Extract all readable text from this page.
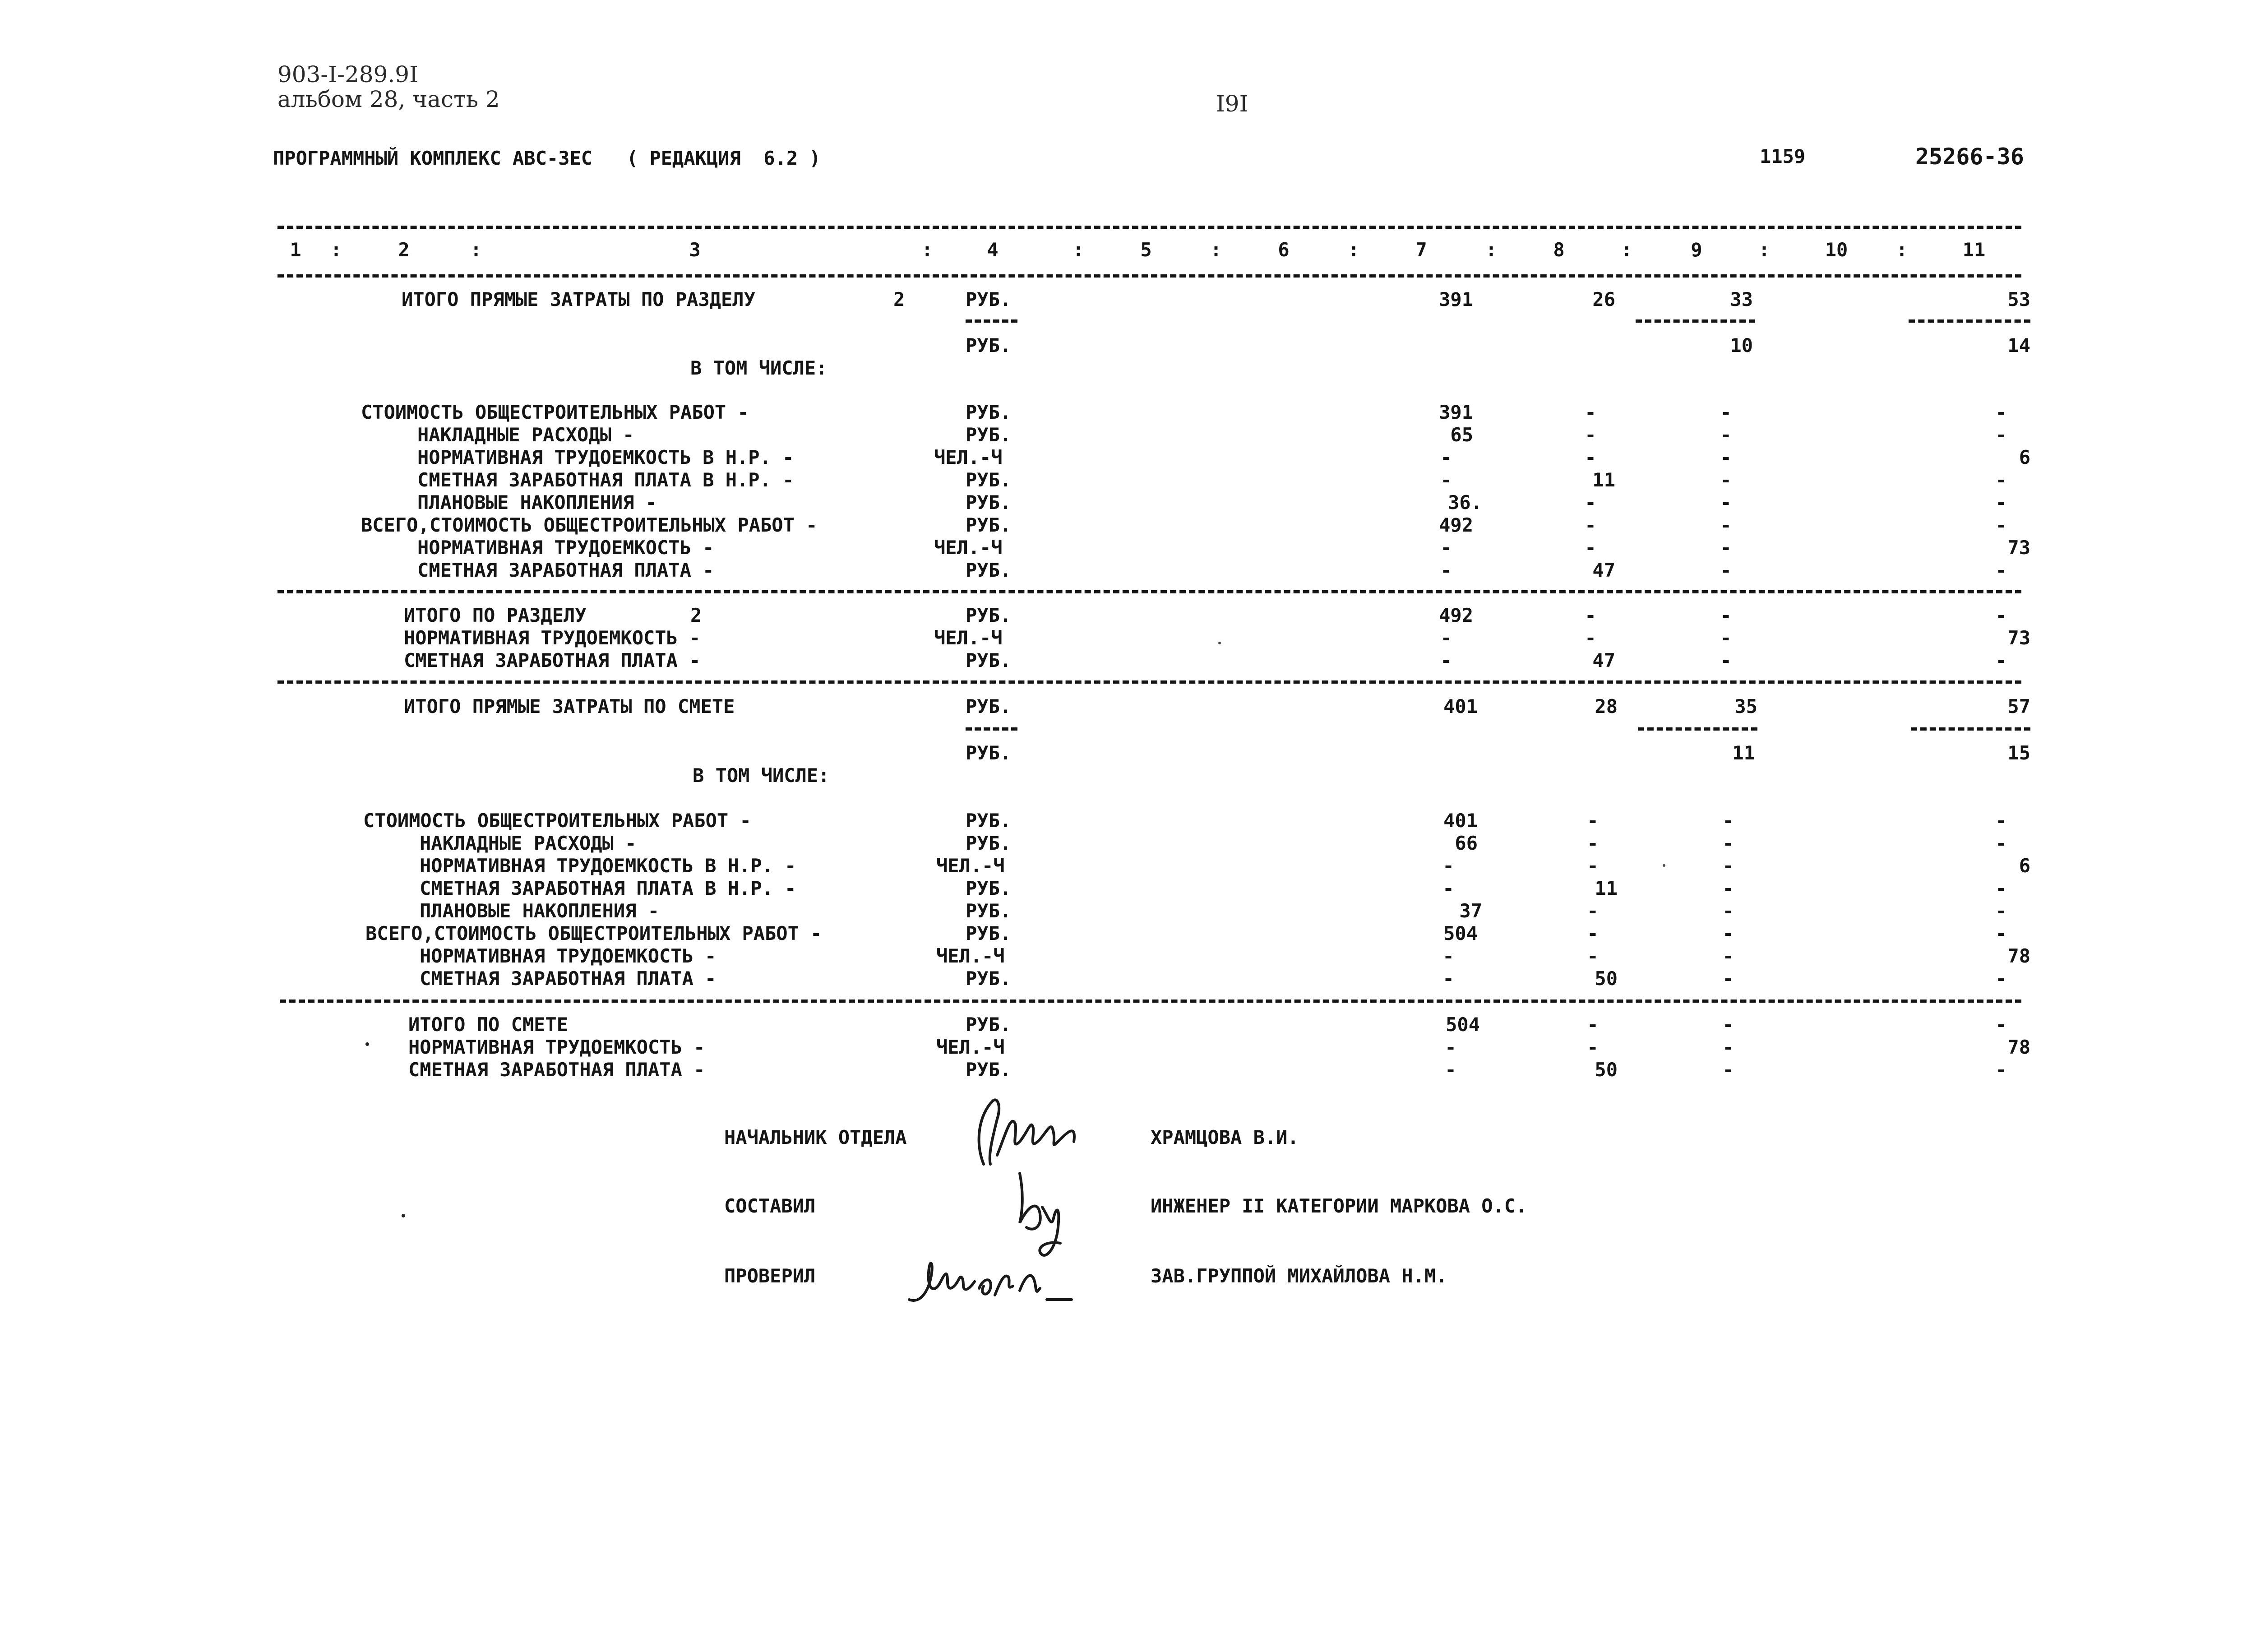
903-I-289.9I
альбом 28, часть 2	I9I
ПРОГРАММНЫЙ КОМПЛЕКС АВС-ЗЕС   ( РЕДАКЦИЯ  6.2 )	1159	25266-36
1	2	3	4	5	6	7	8	9	10	11
:	:	:	:	:	:	:	:	:	:
ИТОГО ПРЯМЫЕ ЗАТРАТЫ ПО РАЗДЕЛУ	2	РУБ.	391	26	33	53
РУБ.	10	14
В ТОМ ЧИСЛЕ:
СТОИМОСТЬ ОБЩЕСТРОИТЕЛЬНЫХ РАБОТ -	РУБ.	391	-	-	-
НАКЛАДНЫЕ РАСХОДЫ -	РУБ.	65	-	-	-
НОРМАТИВНАЯ ТРУДОЕМКОСТЬ В Н.Р. -	ЧЕЛ.-Ч	-	-	-	6
СМЕТНАЯ ЗАРАБОТНАЯ ПЛАТА В Н.Р. -	РУБ.	-	11	-	-
ПЛАНОВЫЕ НАКОПЛЕНИЯ -	РУБ.	36.	-	-	-
ВСЕГО,СТОИМОСТЬ ОБЩЕСТРОИТЕЛЬНЫХ РАБОТ -	РУБ.	492	-	-	-
НОРМАТИВНАЯ ТРУДОЕМКОСТЬ -	ЧЕЛ.-Ч	-	-	-	73
СМЕТНАЯ ЗАРАБОТНАЯ ПЛАТА -	РУБ.	-	47	-	-
ИТОГО ПО РАЗДЕЛУ	2	РУБ.	492	-	-	-
НОРМАТИВНАЯ ТРУДОЕМКОСТЬ -	ЧЕЛ.-Ч	-	-	-	73
СМЕТНАЯ ЗАРАБОТНАЯ ПЛАТА -	РУБ.	-	47	-	-
ИТОГО ПРЯМЫЕ ЗАТРАТЫ ПО СМЕТЕ	РУБ.	401	28	35	57
РУБ.	11	15
В ТОМ ЧИСЛЕ:
СТОИМОСТЬ ОБЩЕСТРОИТЕЛЬНЫХ РАБОТ -	РУБ.	401	-	-	-
НАКЛАДНЫЕ РАСХОДЫ -	РУБ.	66	-	-	-
НОРМАТИВНАЯ ТРУДОЕМКОСТЬ В Н.Р. -	ЧЕЛ.-Ч	-	-	-	6
СМЕТНАЯ ЗАРАБОТНАЯ ПЛАТА В Н.Р. -	РУБ.	-	11	-	-
ПЛАНОВЫЕ НАКОПЛЕНИЯ -	РУБ.	37	-	-	-
ВСЕГО,СТОИМОСТЬ ОБЩЕСТРОИТЕЛЬНЫХ РАБОТ -	РУБ.	504	-	-	-
НОРМАТИВНАЯ ТРУДОЕМКОСТЬ -	ЧЕЛ.-Ч	-	-	-	78
СМЕТНАЯ ЗАРАБОТНАЯ ПЛАТА -	РУБ.	-	50	-	-
ИТОГО ПО СМЕТЕ	РУБ.	504	-	-	-
НОРМАТИВНАЯ ТРУДОЕМКОСТЬ -	ЧЕЛ.-Ч	-	-	-	78
СМЕТНАЯ ЗАРАБОТНАЯ ПЛАТА -	РУБ.	-	50	-	-
НАЧАЛЬНИК ОТДЕЛА	ХРАМЦОВА В.И.
СОСТАВИЛ	ИНЖЕНЕР II КАТЕГОРИИ МАРКОВА О.С.
ПРОВЕРИЛ	ЗАВ.ГРУППОЙ МИХАЙЛОВА Н.М.
